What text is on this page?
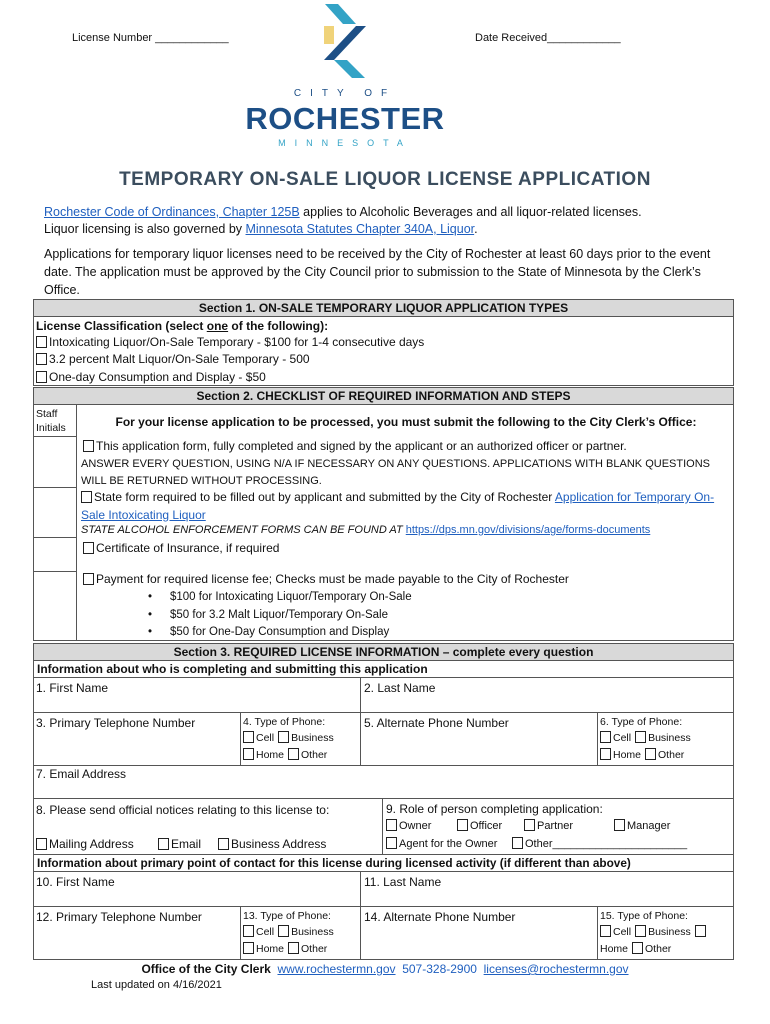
License Number ____________	Date Received____________
CITY OF
ROCHESTER
MINNESOTA
TEMPORARY ON-SALE LIQUOR LICENSE APPLICATION
Rochester Code of Ordinances, Chapter 125B applies to Alcoholic Beverages and all liquor-related licenses.
Liquor licensing is also governed by Minnesota Statutes Chapter 340A, Liquor.
Applications for temporary liquor licenses need to be received by the City of Rochester at least 60 days prior to the event date. The application must be approved by the City Council prior to submission to the State of Minnesota by the Clerk’s Office.
Section 1. ON-SALE TEMPORARY LIQUOR APPLICATION TYPES
License Classification (select one of the following):
Intoxicating Liquor/On-Sale Temporary - $100 for 1-4 consecutive days
3.2 percent Malt Liquor/On-Sale Temporary - 500
One-day Consumption and Display - $50
Section 2. CHECKLIST OF REQUIRED INFORMATION AND STEPS
Staff
Initials	For your license application to be processed, you must submit the following to the City Clerk’s Office:
This application form, fully completed and signed by the applicant or an authorized officer or partner.
ANSWER EVERY QUESTION, USING N/A IF NECESSARY ON ANY QUESTIONS. APPLICATIONS WITH BLANK QUESTIONS WILL BE RETURNED WITHOUT PROCESSING.
State form required to be filled out by applicant and submitted by the City of Rochester Application for Temporary On-Sale Intoxicating Liquor
STATE ALCOHOL ENFORCEMENT FORMS CAN BE FOUND AT https://dps.mn.gov/divisions/age/forms-documents
Certificate of Insurance, if required
Payment for required license fee; Checks must be made payable to the City of Rochester
• $100 for Intoxicating Liquor/Temporary On-Sale
• $50 for 3.2 Malt Liquor/Temporary On-Sale
• $50 for One-Day Consumption and Display
Section 3. REQUIRED LICENSE INFORMATION – complete every question
Information about who is completing and submitting this application
1. First Name	2. Last Name
3. Primary Telephone Number	4. Type of Phone:
Cell Business
Home Other
5. Alternate Phone Number	6. Type of Phone:
Cell Business
Home Other
7. Email Address
8. Please send official notices relating to this license to:
Mailing Address	Email	Business Address
9. Role of person completing application:
Owner	Officer	Partner	Manager
Agent for the Owner	Other______________________
Information about primary point of contact for this license during licensed activity (if different than above)
10. First Name	11. Last Name
12. Primary Telephone Number	13. Type of Phone:
Cell Business
Home Other
14. Alternate Phone Number	15. Type of Phone:
Cell Business
Home Other
Office of the City Clerk www.rochestermn.gov 507-328-2900 licenses@rochestermn.gov
Last updated on 4/16/2021
